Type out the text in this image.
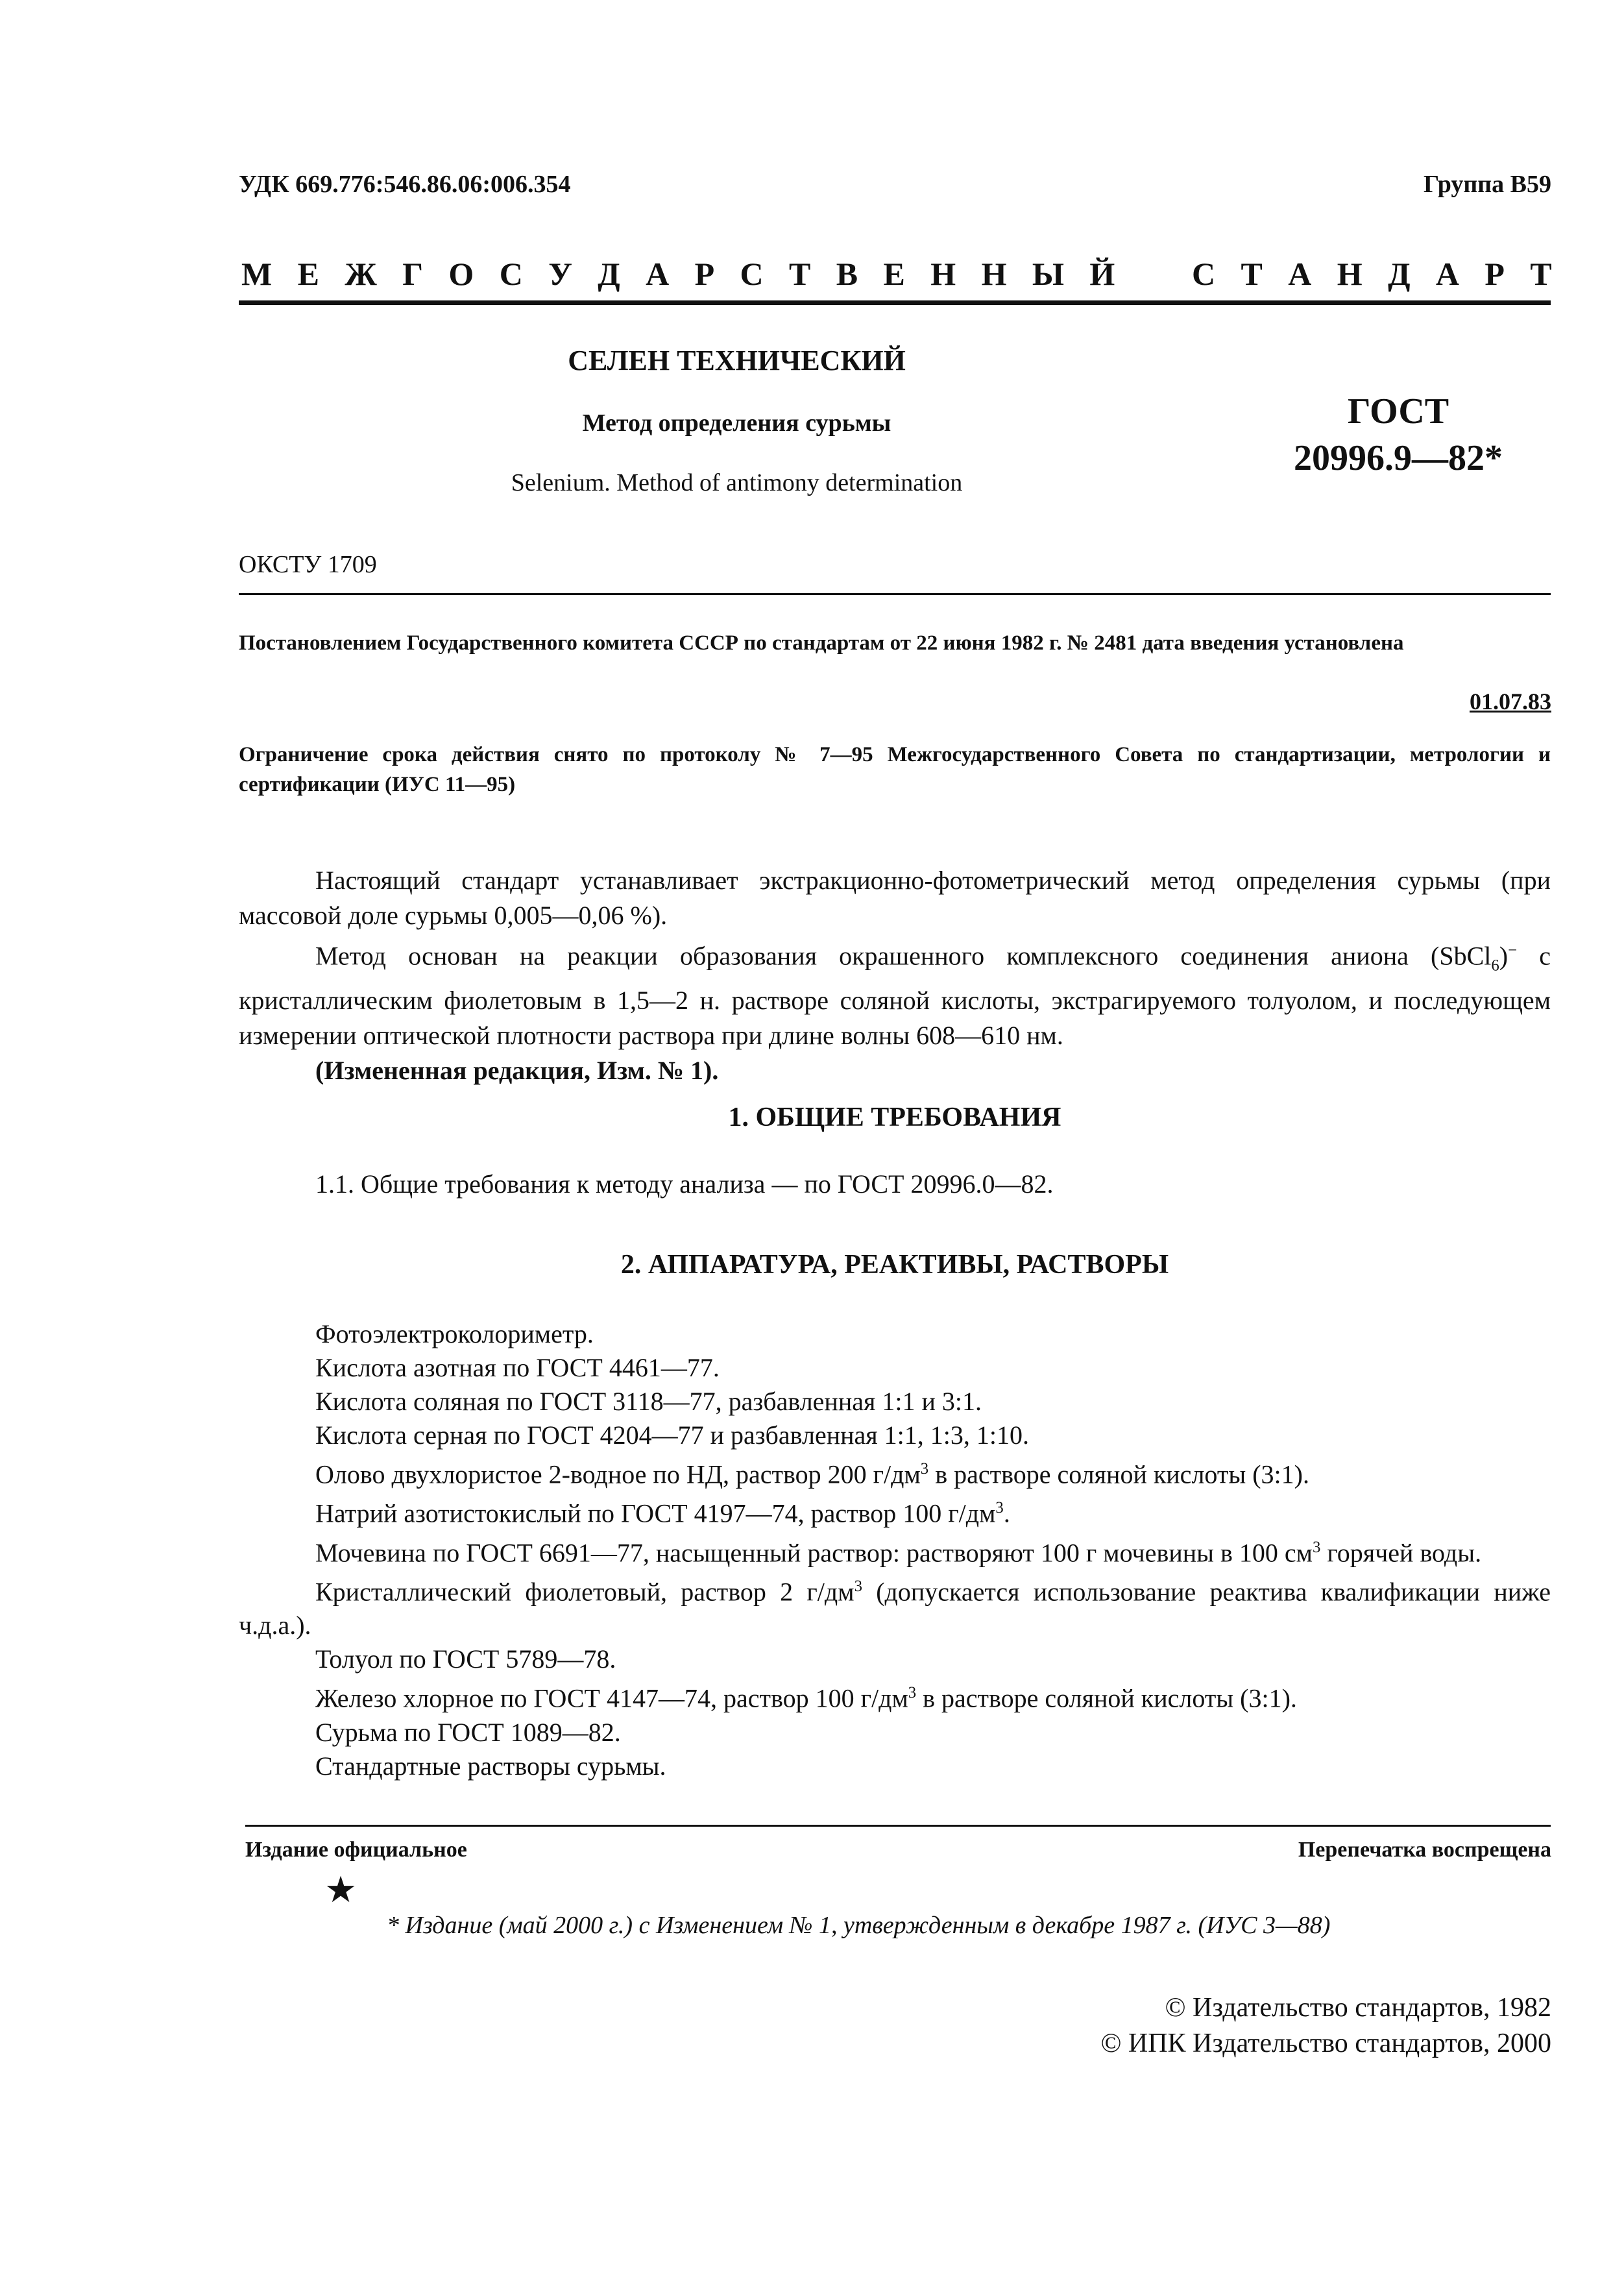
УДК 669.776:546.86.06:006.354	Группа В59
М Е Ж Г О С У Д А Р С Т В Е Н Н Ы Й С Т А Н Д А Р Т
СЕЛЕН ТЕХНИЧЕСКИЙ
Метод определения сурьмы
Selenium. Method of antimony determination
ГОСТ
20996.9—82*
ОКСТУ 1709
Постановлением Государственного комитета СССР по стандартам от 22 июня 1982 г. № 2481 дата введения установлена
01.07.83
Ограничение срока действия снято по протоколу № 7—95 Межгосударственного Совета по стандартизации, метрологии и сертификации (ИУС 11—95)

Настоящий стандарт устанавливает экстракционно-фотометрический метод определения сурьмы (при массовой доле сурьмы 0,005—0,06 %).

Метод основан на реакции образования окрашенного комплексного соединения аниона (SbCl$_6$)− с кристаллическим фиолетовым в 1,5—2 н. растворе соляной кислоты, экстрагируемого толуолом, и последующем измерении оптической плотности раствора при длине волны 608—610 нм.

(Измененная редакция, Изм. № 1).

1. ОБЩИЕ ТРЕБОВАНИЯ

1.1. Общие требования к методу анализа — по ГОСТ 20996.0—82.

2. АППАРАТУРА, РЕАКТИВЫ, РАСТВОРЫ

Фотоэлектроколориметр.

Кислота азотная по ГОСТ 4461—77.

Кислота соляная по ГОСТ 3118—77, разбавленная 1:1 и 3:1.

Кислота серная по ГОСТ 4204—77 и разбавленная 1:1, 1:3, 1:10.

Олово двухлористое 2-водное по НД, раствор 200 $г/дм^3$ в растворе соляной кислоты (3:1).

Натрий азотистокислый по ГОСТ 4197—74, раствор 100 $г/дм^3$.

Мочевина по ГОСТ 6691—77, насыщенный раствор: растворяют 100 г мочевины в 100 $см^3$ горячей воды.

Кристаллический фиолетовый, раствор 2 $г/дм^3$ (допускается использование реактива квалификации ниже ч.д.а.).

Толуол по ГОСТ 5789—78.

Железо хлорное по ГОСТ 4147—74, раствор 100 $г/дм^3$ в растворе соляной кислоты (3:1).

Сурьма по ГОСТ 1089—82.

Стандартные растворы сурьмы.

Издание официальное	Перепечатка воспрещена
★
* Издание (май 2000 г.) с Изменением № 1, утвержденным в декабре 1987 г. (ИУС 3—88)
© Издательство стандартов, 1982
© ИПК Издательство стандартов, 2000
